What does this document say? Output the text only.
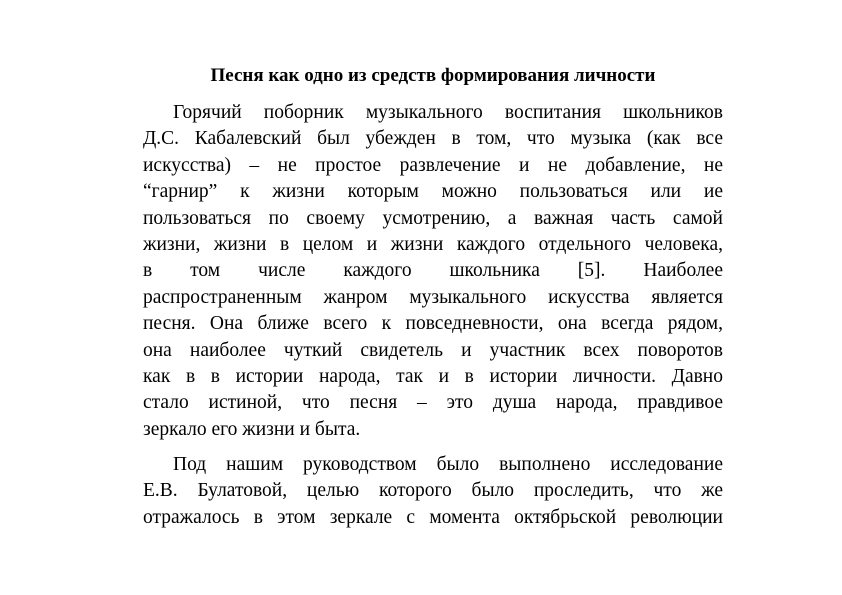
Песня как одно из средств формирования личности
Горячий поборник музыкального воспитания школьников
Д.С. Кабалевский был убежден в том, что музыка (как все
искусства) – не простое развлечение и не добавление, не
“гарнир” к жизни которым можно пользоваться или ие
пользоваться по своему усмотрению, а важная часть самой
жизни, жизни в целом и жизни каждого отдельного человека,
в том числе каждого школьника [5]. Наиболее
распространенным жанром музыкального искусства является
песня. Она ближе всего к повседневности, она всегда рядом,
она наиболее чуткий свидетель и участник всех поворотов
как в в истории народа, так и в истории личности. Давно
стало истиной, что песня – это душа народа, правдивое
зеркало его жизни и быта.
Под нашим руководством было выполнено исследование
Е.В. Булатовой, целью которого было проследить, что же
отражалось в этом зеркале с момента октябрьской революции
